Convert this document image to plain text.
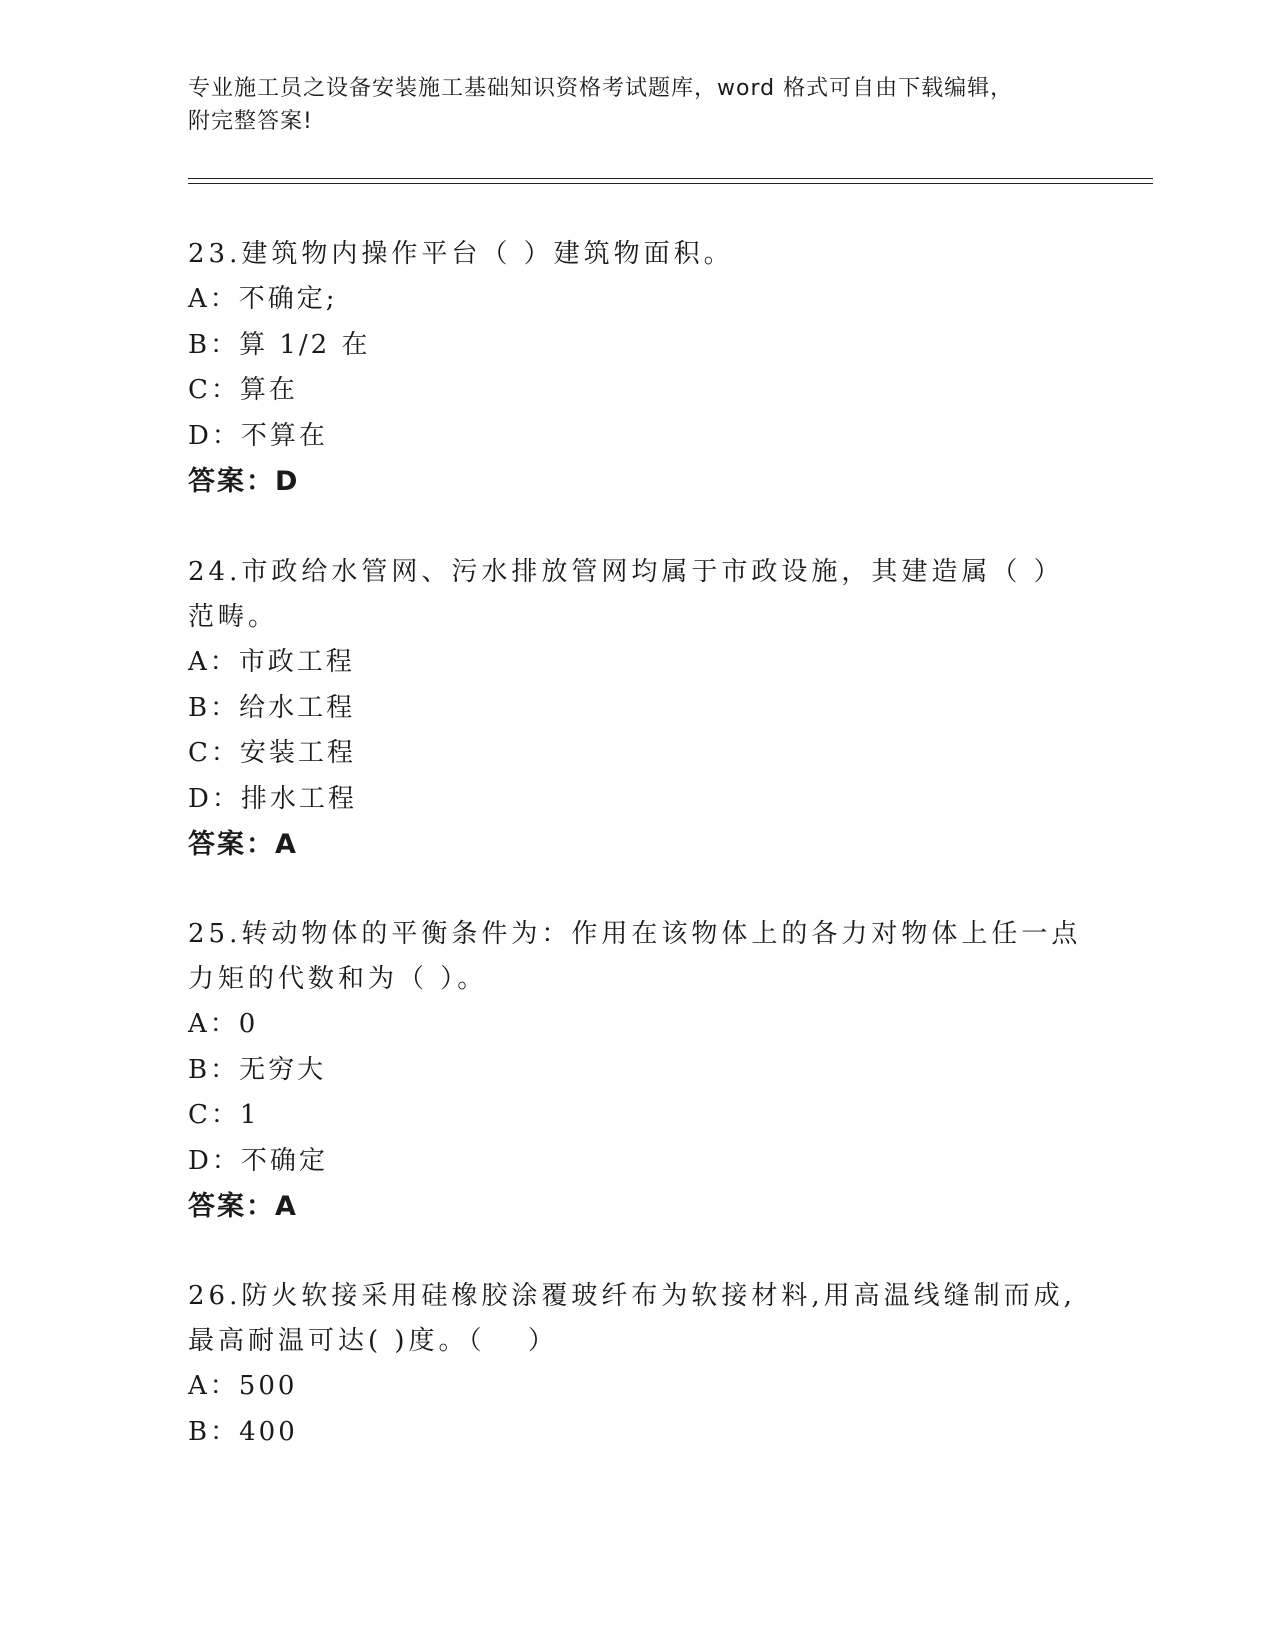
专业施工员之设备安装施工基础知识资格考试题库，word 格式可自由下载编辑，
附完整答案!

23.建筑物内操作平台（ ）建筑物面积。

A：不确定;

B：算 1/2 在

C：算在

D：不算在

答案：D

24.市政给水管网、污水排放管网均属于市政设施，其建造属（ ）范畴。

A：市政工程

B：给水工程

C：安装工程

D：排水工程

答案：A

25.转动物体的平衡条件为：作用在该物体上的各力对物体上任一点力矩的代数和为（ ）。

A：0

B：无穷大

C：1

D：不确定

答案：A

26.防火软接采用硅橡胶涂覆玻纤布为软接材料,用高温线缝制而成,最高耐温可达( )度。（　 ）

A：500

B：400
